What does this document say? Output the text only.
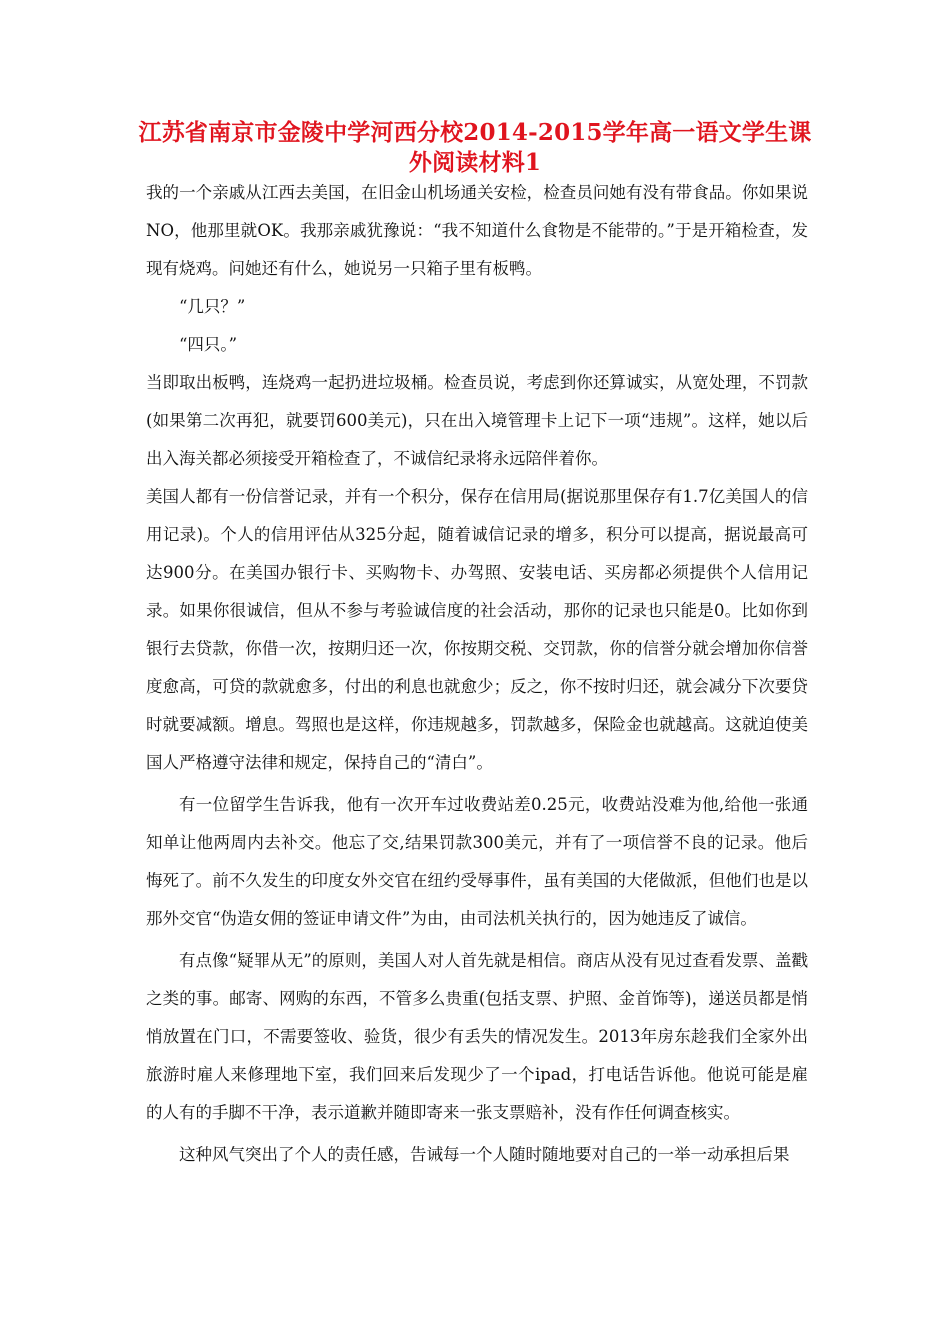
江苏省南京市金陵中学河西分校2014-2015学年高一语文学生课外阅读材料1

我的一个亲戚从江西去美国，在旧金山机场通关安检，检查员问她有没有带食品。你如果说NO，他那里就OK。我那亲戚犹豫说：“我不知道什么食物是不能带的。”于是开箱检查，发现有烧鸡。问她还有什么，她说另一只箱子里有板鸭。

“几只？”

“四只。”

当即取出板鸭，连烧鸡一起扔进垃圾桶。检查员说，考虑到你还算诚实，从宽处理，不罚款(如果第二次再犯，就要罚600美元)，只在出入境管理卡上记下一项“违规”。这样，她以后出入海关都必须接受开箱检查了，不诚信纪录将永远陪伴着你。

美国人都有一份信誉记录，并有一个积分，保存在信用局(据说那里保存有1.7亿美国人的信用记录)。个人的信用评估从325分起，随着诚信记录的增多，积分可以提高，据说最高可达900分。在美国办银行卡、买购物卡、办驾照、安装电话、买房都必须提供个人信用记录。如果你很诚信，但从不参与考验诚信度的社会活动，那你的记录也只能是0。比如你到银行去贷款，你借一次，按期归还一次，你按期交税、交罚款，你的信誉分就会增加你信誉度愈高，可贷的款就愈多，付出的利息也就愈少；反之，你不按时归还，就会减分下次要贷时就要减额。增息。驾照也是这样，你违规越多，罚款越多，保险金也就越高。这就迫使美国人严格遵守法律和规定，保持自己的“清白”。

有一位留学生告诉我，他有一次开车过收费站差0.25元，收费站没难为他,给他一张通知单让他两周内去补交。他忘了交,结果罚款300美元，并有了一项信誉不良的记录。他后悔死了。前不久发生的印度女外交官在纽约受辱事件，虽有美国的大佬做派，但他们也是以那外交官“伪造女佣的签证申请文件”为由，由司法机关执行的，因为她违反了诚信。

有点像“疑罪从无”的原则，美国人对人首先就是相信。商店从没有见过查看发票、盖戳之类的事。邮寄、网购的东西，不管多么贵重(包括支票、护照、金首饰等)，递送员都是悄悄放置在门口，不需要签收、验货，很少有丢失的情况发生。2013年房东趁我们全家外出旅游时雇人来修理地下室，我们回来后发现少了一个ipad，打电话告诉他。他说可能是雇的人有的手脚不干净，表示道歉并随即寄来一张支票赔补，没有作任何调查核实。

这种风气突出了个人的责任感，告诫每一个人随时随地要对自己的一举一动承担后果
